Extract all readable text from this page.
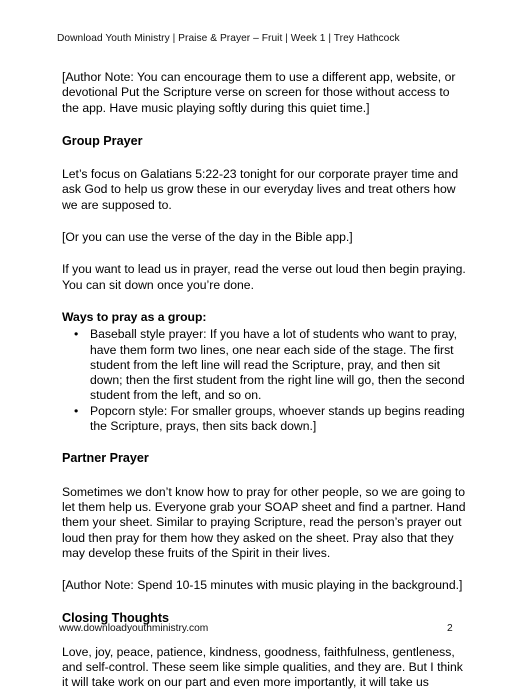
Download Youth Ministry | Praise & Prayer – Fruit | Week 1 | Trey Hathcock

[Author Note: You can encourage them to use a different app, website, or devotional Put the Scripture verse on screen for those without access to the app. Have music playing softly during this quiet time.]

Group Prayer

Let’s focus on Galatians 5:22-23 tonight for our corporate prayer time and ask God to help us grow these in our everyday lives and treat others how we are supposed to.

[Or you can use the verse of the day in the Bible app.]

If you want to lead us in prayer, read the verse out loud then begin praying. You can sit down once you’re done.

Ways to pray as a group:

• Baseball style prayer: If you have a lot of students who want to pray, have them form two lines, one near each side of the stage. The first student from the left line will read the Scripture, pray, and then sit down; then the first student from the right line will go, then the second student from the left, and so on.
• Popcorn style: For smaller groups, whoever stands up begins reading the Scripture, prays, then sits back down.]

Partner Prayer

Sometimes we don’t know how to pray for other people, so we are going to let them help us. Everyone grab your SOAP sheet and find a partner. Hand them your sheet. Similar to praying Scripture, read the person’s prayer out loud then pray for them how they asked on the sheet. Pray also that they may develop these fruits of the Spirit in their lives.

[Author Note: Spend 10-15 minutes with music playing in the background.]

Closing Thoughts

Love, joy, peace, patience, kindness, goodness, faithfulness, gentleness, and self-control. These seem like simple qualities, and they are. But I think it will take work on our part and even more importantly, it will take us

www.downloadyouthministry.com	2
